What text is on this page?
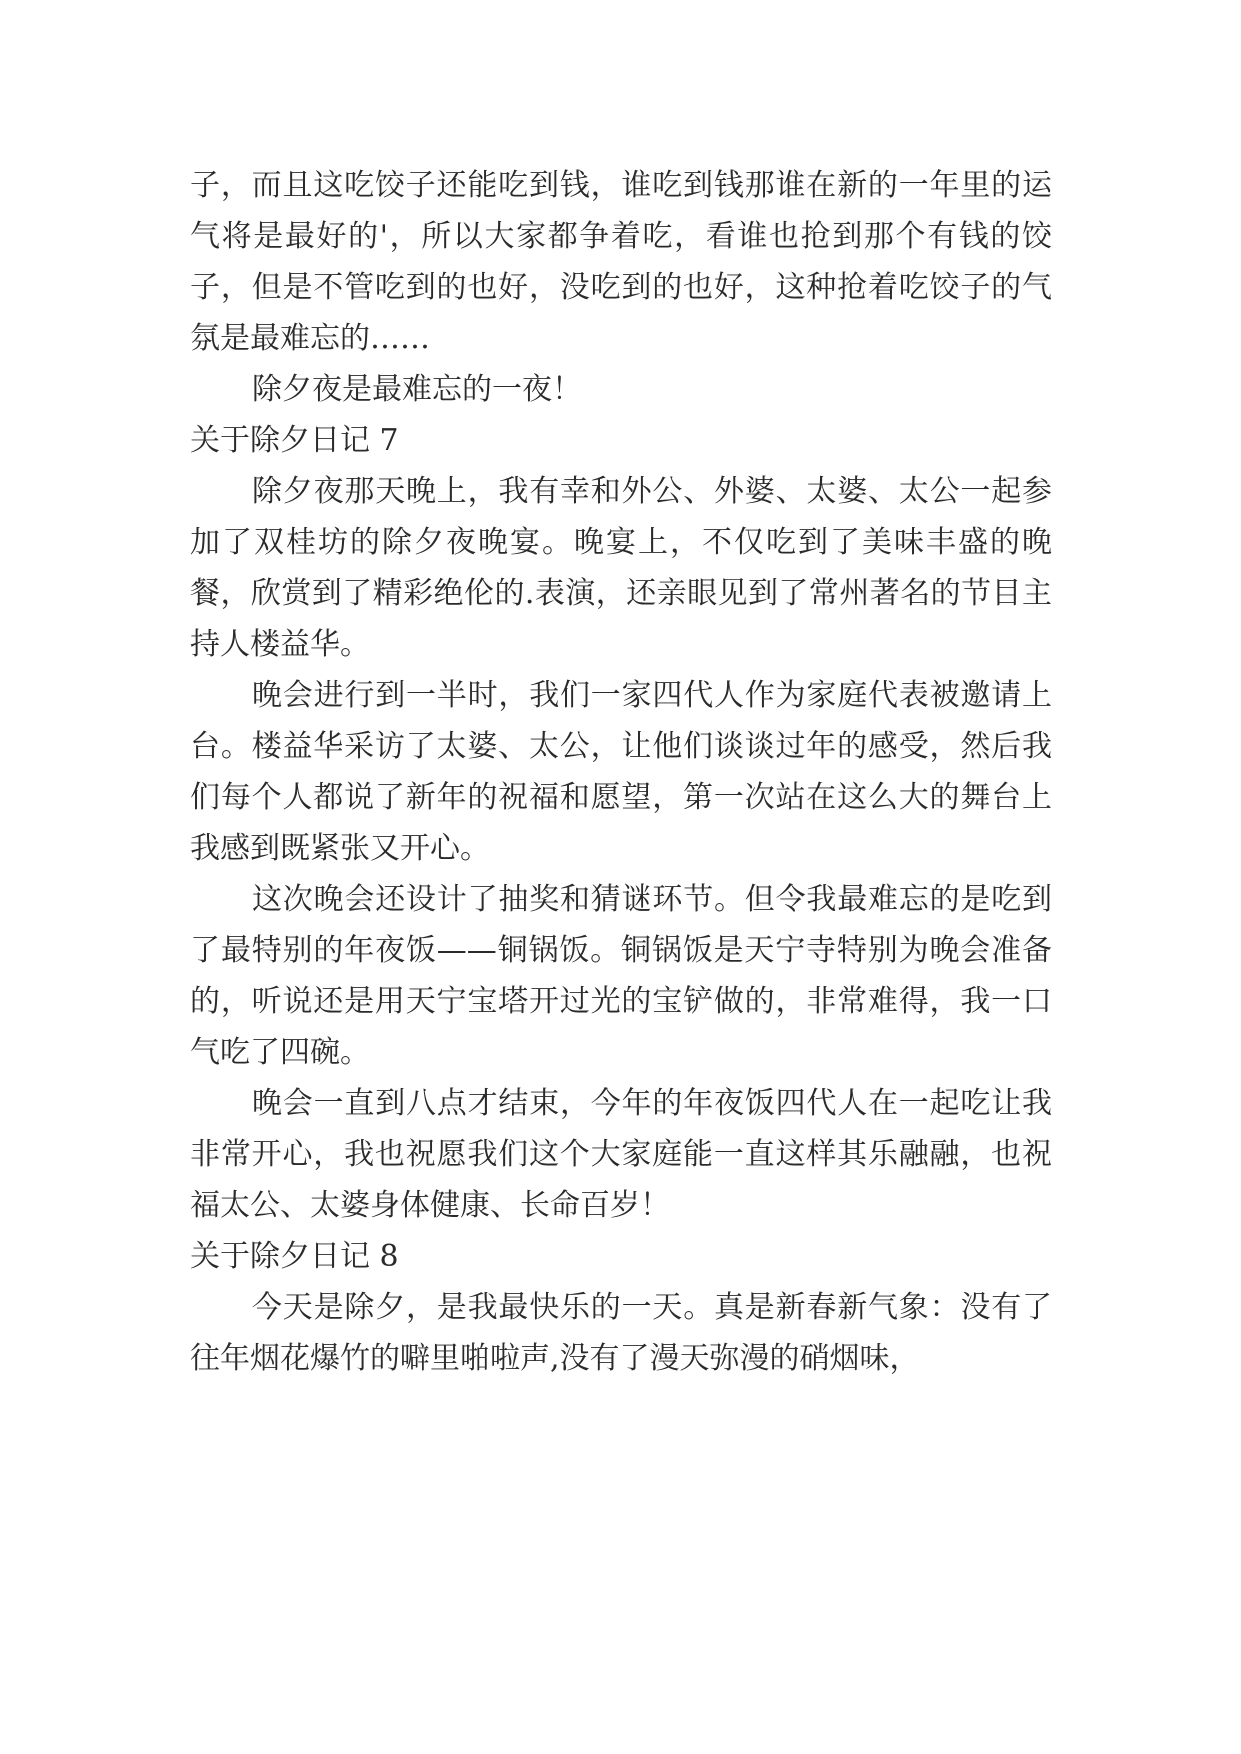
子，而且这吃饺子还能吃到钱，谁吃到钱那谁在新的一年里的运气将是最好的'，所以大家都争着吃，看谁也抢到那个有钱的饺子，但是不管吃到的也好，没吃到的也好，这种抢着吃饺子的气氛是最难忘的……

除夕夜是最难忘的一夜！

关于除夕日记 7

除夕夜那天晚上，我有幸和外公、外婆、太婆、太公一起参加了双桂坊的除夕夜晚宴。晚宴上，不仅吃到了美味丰盛的晚餐，欣赏到了精彩绝伦的.表演，还亲眼见到了常州著名的节目主持人楼益华。

晚会进行到一半时，我们一家四代人作为家庭代表被邀请上台。楼益华采访了太婆、太公，让他们谈谈过年的感受，然后我们每个人都说了新年的祝福和愿望，第一次站在这么大的舞台上我感到既紧张又开心。

这次晚会还设计了抽奖和猜谜环节。但令我最难忘的是吃到了最特别的年夜饭——铜锅饭。铜锅饭是天宁寺特别为晚会准备的，听说还是用天宁宝塔开过光的宝铲做的，非常难得，我一口气吃了四碗。

晚会一直到八点才结束，今年的年夜饭四代人在一起吃让我非常开心，我也祝愿我们这个大家庭能一直这样其乐融融，也祝福太公、太婆身体健康、长命百岁！

关于除夕日记 8

今天是除夕，是我最快乐的一天。真是新春新气象：没有了往年烟花爆竹的噼里啪啦声,没有了漫天弥漫的硝烟味，
